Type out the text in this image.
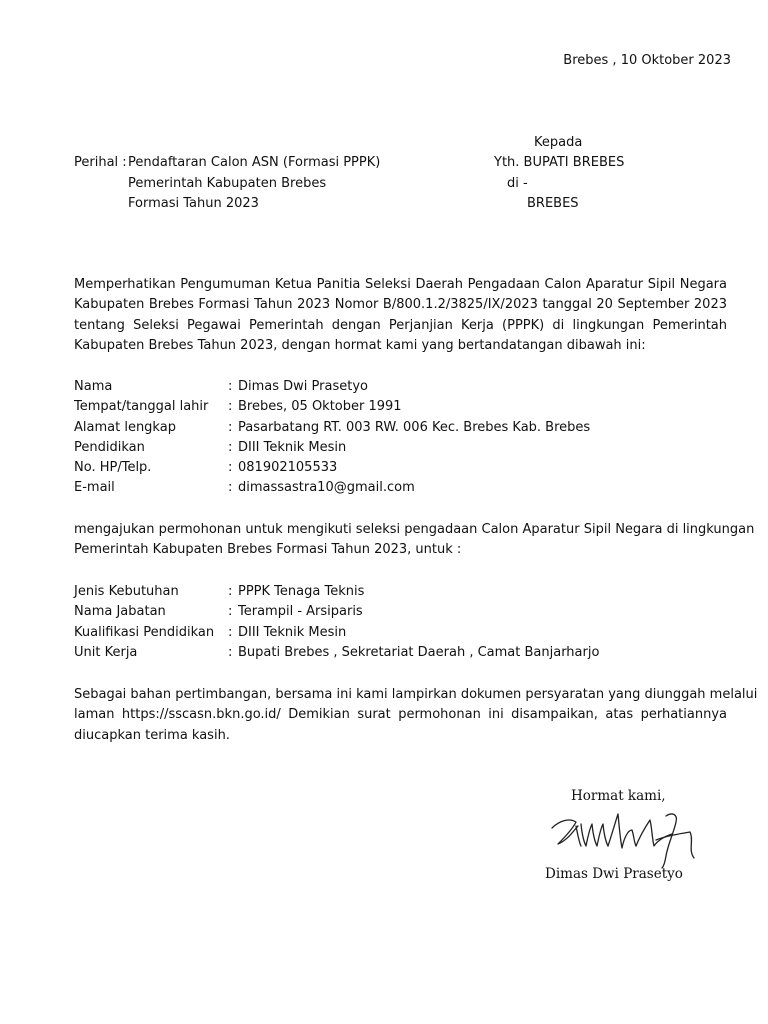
Brebes , 10 Oktober 2023
Perihal : Pendaftaran Calon ASN (Formasi PPPK)
Pemerintah Kabupaten Brebes
Formasi Tahun 2023
Kepada
Yth. BUPATI BREBES
di -
BREBES
Memperhatikan Pengumuman Ketua Panitia Seleksi Daerah Pengadaan Calon Aparatur Sipil Negara
Kabupaten Brebes Formasi Tahun 2023 Nomor B/800.1.2/3825/IX/2023 tanggal 20 September 2023
tentang Seleksi Pegawai Pemerintah dengan Perjanjian Kerja (PPPK) di lingkungan Pemerintah
Kabupaten Brebes Tahun 2023, dengan hormat kami yang bertandatangan dibawah ini:
Nama	: Dimas Dwi Prasetyo
Tempat/tanggal lahir	: Brebes, 05 Oktober 1991
Alamat lengkap	: Pasarbatang RT. 003 RW. 006 Kec. Brebes Kab. Brebes
Pendidikan	: DIII Teknik Mesin
No. HP/Telp.	: 081902105533
E-mail	: dimassastra10@gmail.com
mengajukan permohonan untuk mengikuti seleksi pengadaan Calon Aparatur Sipil Negara di lingkungan
Pemerintah Kabupaten Brebes Formasi Tahun 2023, untuk :
Jenis Kebutuhan	: PPPK Tenaga Teknis
Nama Jabatan	: Terampil - Arsiparis
Kualifikasi Pendidikan	: DIII Teknik Mesin
Unit Kerja	: Bupati Brebes , Sekretariat Daerah , Camat Banjarharjo
Sebagai bahan pertimbangan, bersama ini kami lampirkan dokumen persyaratan yang diunggah melalui
laman https://sscasn.bkn.go.id/ Demikian surat permohonan ini disampaikan, atas perhatiannya
diucapkan terima kasih.
Hormat kami,
Dimas Dwi Prasetyo
